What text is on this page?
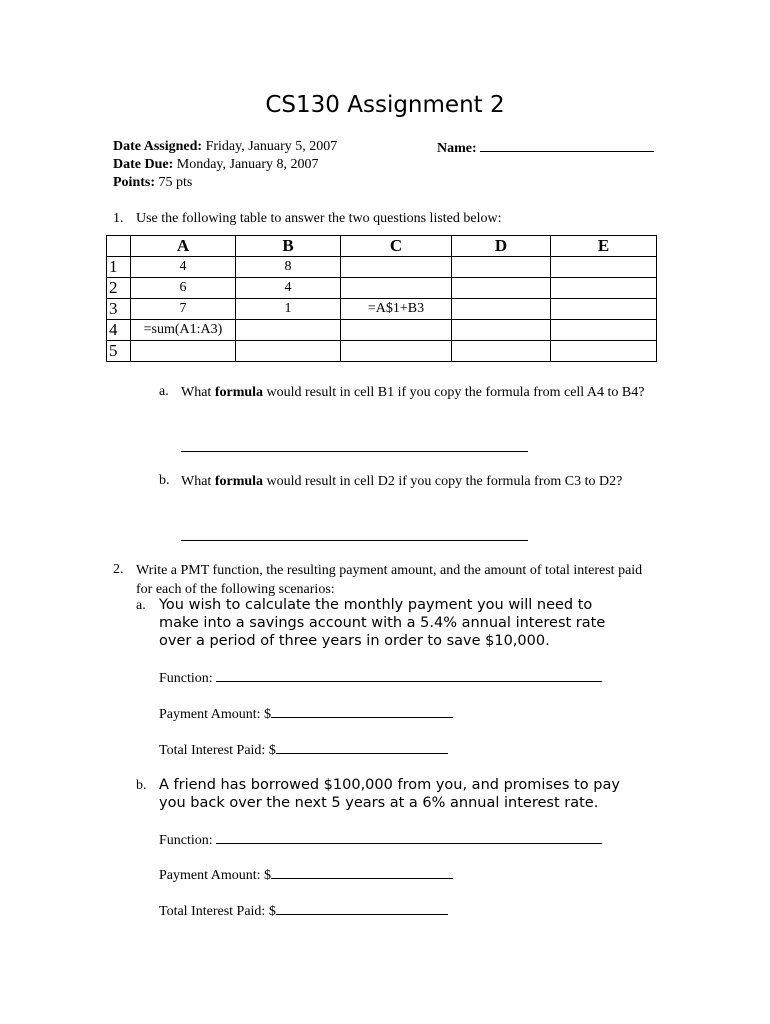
CS130 Assignment 2
Date Assigned: Friday, January 5, 2007
Date Due: Monday, January 8, 2007
Points: 75 pts
Name:
1. Use the following table to answer the two questions listed below:
	A	B	C	D	E
1	4	8			
2	6	4			
3	7	1	=A$1+B3		
4	=sum(A1:A3)				
5					
a. What formula would result in cell B1 if you copy the formula from cell A4 to B4?
b. What formula would result in cell D2 if you copy the formula from C3 to D2?
2. Write a PMT function, the resulting payment amount, and the amount of total interest paid for each of the following scenarios:
a. You wish to calculate the monthly payment you will need to make into a savings account with a 5.4% annual interest rate over a period of three years in order to save $10,000.
Function:
Payment Amount: $
Total Interest Paid: $
b. A friend has borrowed $100,000 from you, and promises to pay you back over the next 5 years at a 6% annual interest rate.
Function:
Payment Amount: $
Total Interest Paid: $
